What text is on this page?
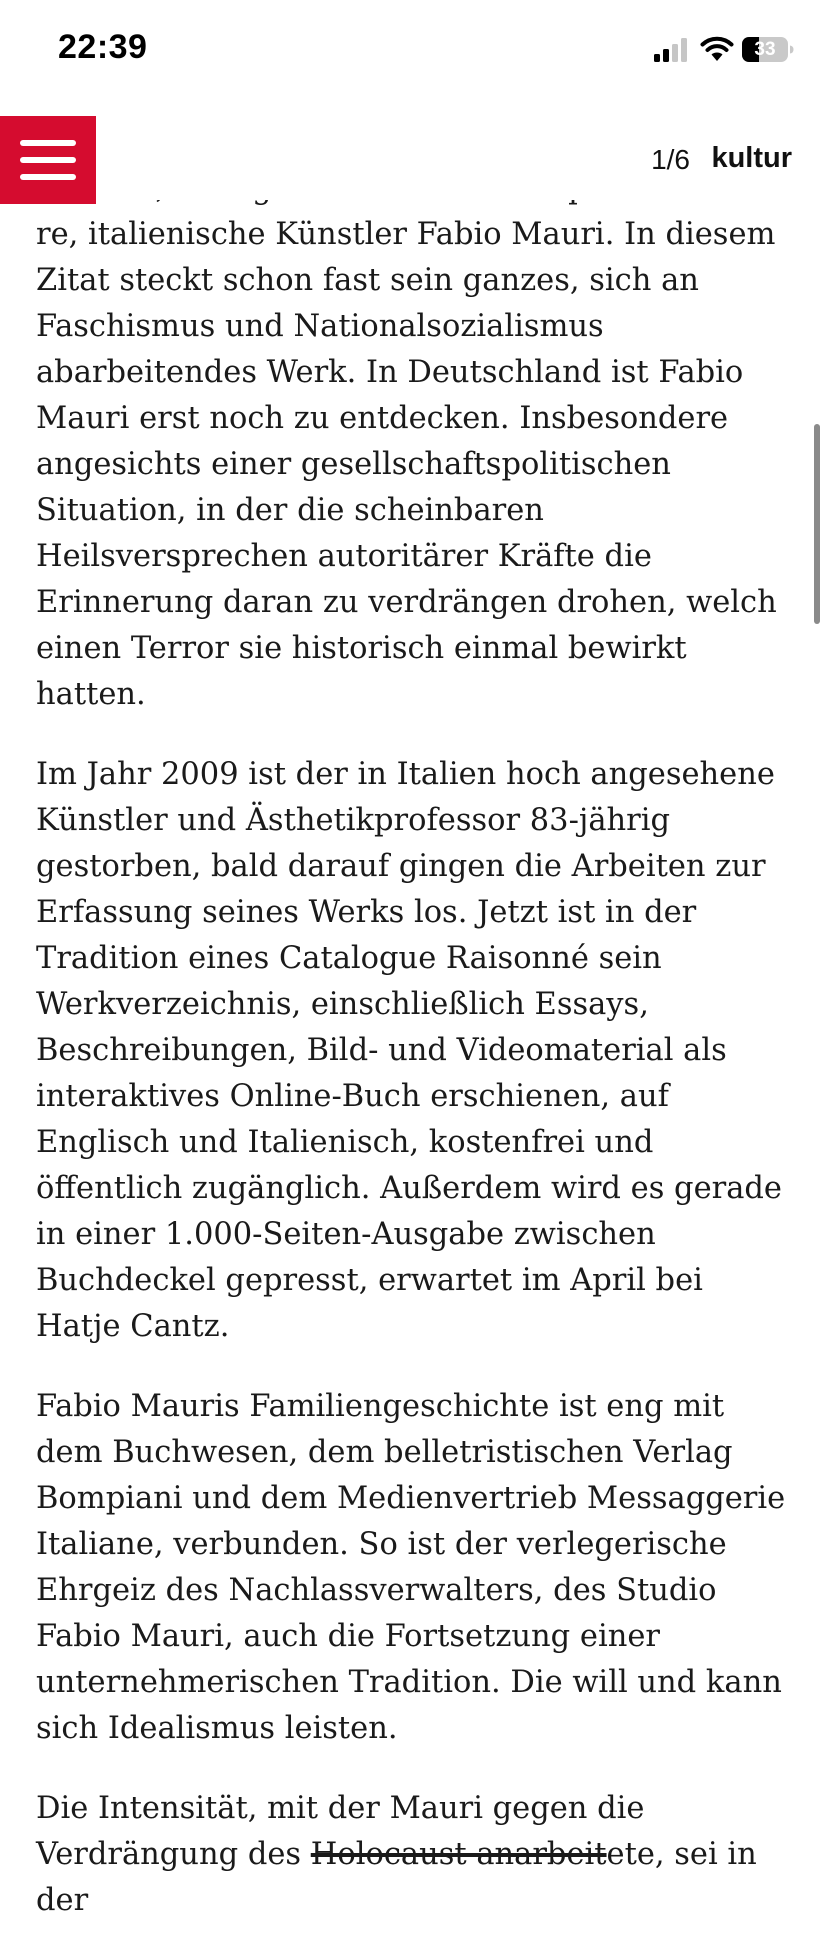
22:39	33
1/6 kultur

re, italienische Künstler Fabio Mauri. In diesem Zitat steckt schon fast sein ganzes, sich an Faschismus und Nationalsozialismus abarbeitendes Werk. In Deutschland ist Fabio Mauri erst noch zu entdecken. Insbesondere angesichts einer gesellschaftspolitischen Situation, in der die scheinbaren Heilsversprechen autoritärer Kräfte die Erinnerung daran zu verdrängen drohen, welch einen Terror sie historisch einmal bewirkt hatten.

Im Jahr 2009 ist der in Italien hoch angesehene Künstler und Ästhetikprofessor 83-jährig gestorben, bald darauf gingen die Arbeiten zur Erfassung seines Werks los. Jetzt ist in der Tradition eines Catalogue Raisonné sein Werkverzeichnis, einschließlich Essays, Beschreibungen, Bild- und Videomaterial als interaktives Online-Buch erschienen, auf Englisch und Italienisch, kostenfrei und öffentlich zugänglich. Außerdem wird es gerade in einer 1.000-Seiten-Ausgabe zwischen Buchdeckel gepresst, erwartet im April bei Hatje Cantz.

Fabio Mauris Familiengeschichte ist eng mit dem Buchwesen, dem belletristischen Verlag Bompiani und dem Medienvertrieb Messaggerie Italiane, verbunden. So ist der verlegerische Ehrgeiz des Nachlassverwalters, des Studio Fabio Mauri, auch die Fortsetzung einer unternehmerischen Tradition. Die will und kann sich Idealismus leisten.

Die Intensität, mit der Mauri gegen die Verdrängung des Holocaust anarbeitete, sei in der
